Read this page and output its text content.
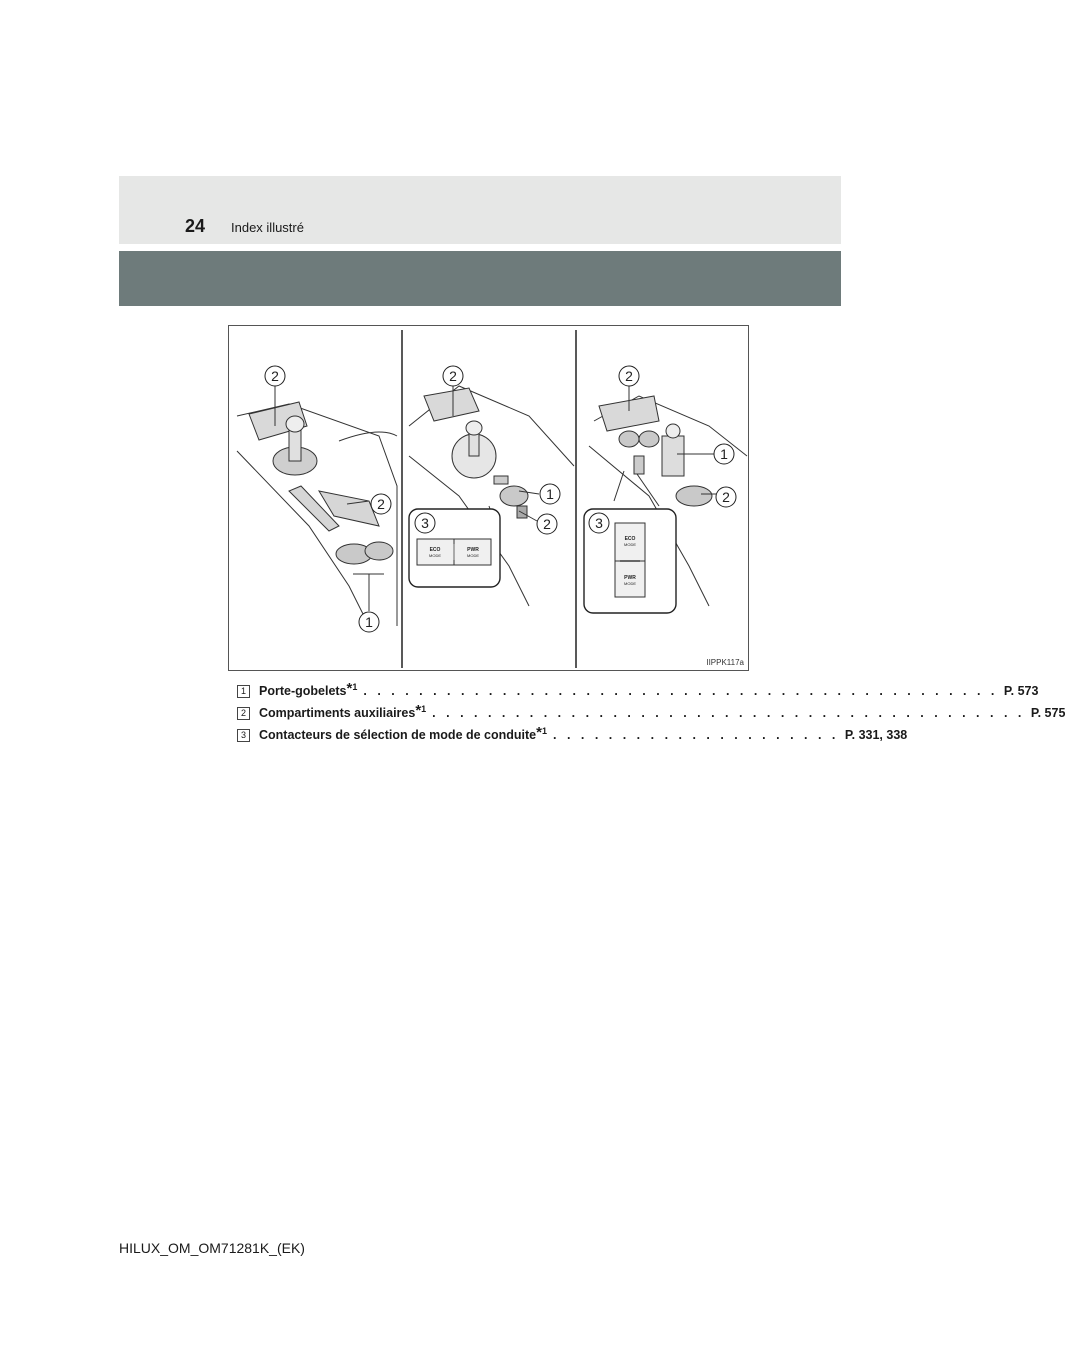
24 Index illustré
ECO
MODE
PWR
MODE
ECO
MODE
PWR
MODE
2
2
1
2
1
2
3
2
1
2
3
IIPPK117a
1	Porte-gobelets*$^1$ . . . . . . . . . . . . . . . . . . . . . . . . . . . . . . . . . . . . . . . . . . . . . . P. 573
2	Compartiments auxiliaires*$^1$ . . . . . . . . . . . . . . . . . . . . . . . . . . . . . . . . . . . . . . . . . . . P. 575
3	Contacteurs de sélection de mode de conduite*$^1$ . . . . . . . . . . . . . . . . . . . . . P. 331, 338
HILUX_OM_OM71281K_(EK)
